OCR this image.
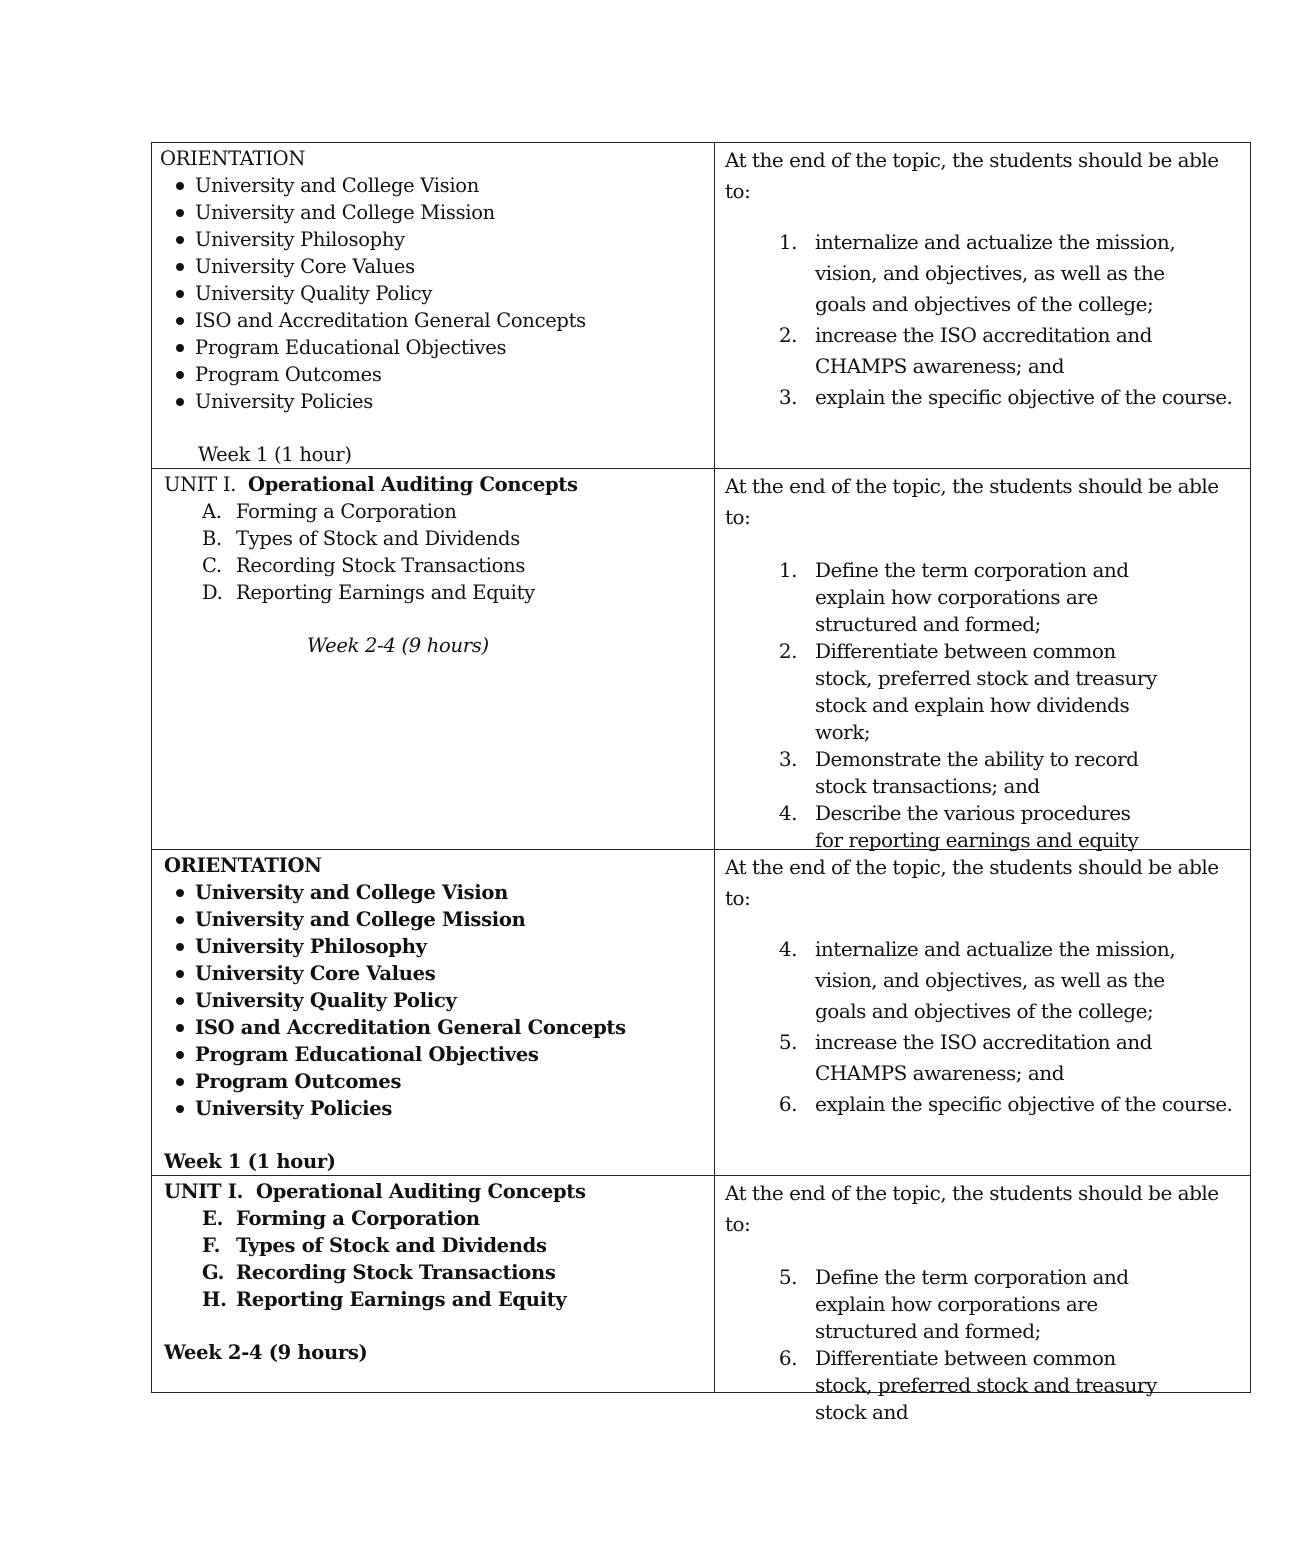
ORIENTATION
University and College Vision
University and College Mission
University Philosophy
University Core Values
University Quality Policy
ISO and Accreditation General Concepts
Program Educational Objectives
Program Outcomes
University Policies
Week 1 (1 hour)
At the end of the topic, the students should be able
to:
1. internalize and actualize the mission, vision, and objectives, as well as the goals and objectives of the college;
2. increase the ISO accreditation and CHAMPS awareness; and
3. explain the specific objective of the course.
UNIT I. Operational Auditing Concepts
A. Forming a Corporation
B. Types of Stock and Dividends
C. Recording Stock Transactions
D. Reporting Earnings and Equity
Week 2-4 (9 hours)
At the end of the topic, the students should be able
to:
1. Define the term corporation and explain how corporations are structured and formed;
2. Differentiate between common stock, preferred stock and treasury stock and explain how dividends work;
3. Demonstrate the ability to record stock transactions; and
4. Describe the various procedures for reporting earnings and equity
ORIENTATION
University and College Vision
University and College Mission
University Philosophy
University Core Values
University Quality Policy
ISO and Accreditation General Concepts
Program Educational Objectives
Program Outcomes
University Policies
Week 1 (1 hour)
At the end of the topic, the students should be able
to:
4. internalize and actualize the mission, vision, and objectives, as well as the goals and objectives of the college;
5. increase the ISO accreditation and CHAMPS awareness; and
6. explain the specific objective of the course.
UNIT I. Operational Auditing Concepts
E. Forming a Corporation
F. Types of Stock and Dividends
G. Recording Stock Transactions
H. Reporting Earnings and Equity
Week 2-4 (9 hours)
At the end of the topic, the students should be able
to:
5. Define the term corporation and explain how corporations are structured and formed;
6. Differentiate between common stock, preferred stock and treasury stock and
